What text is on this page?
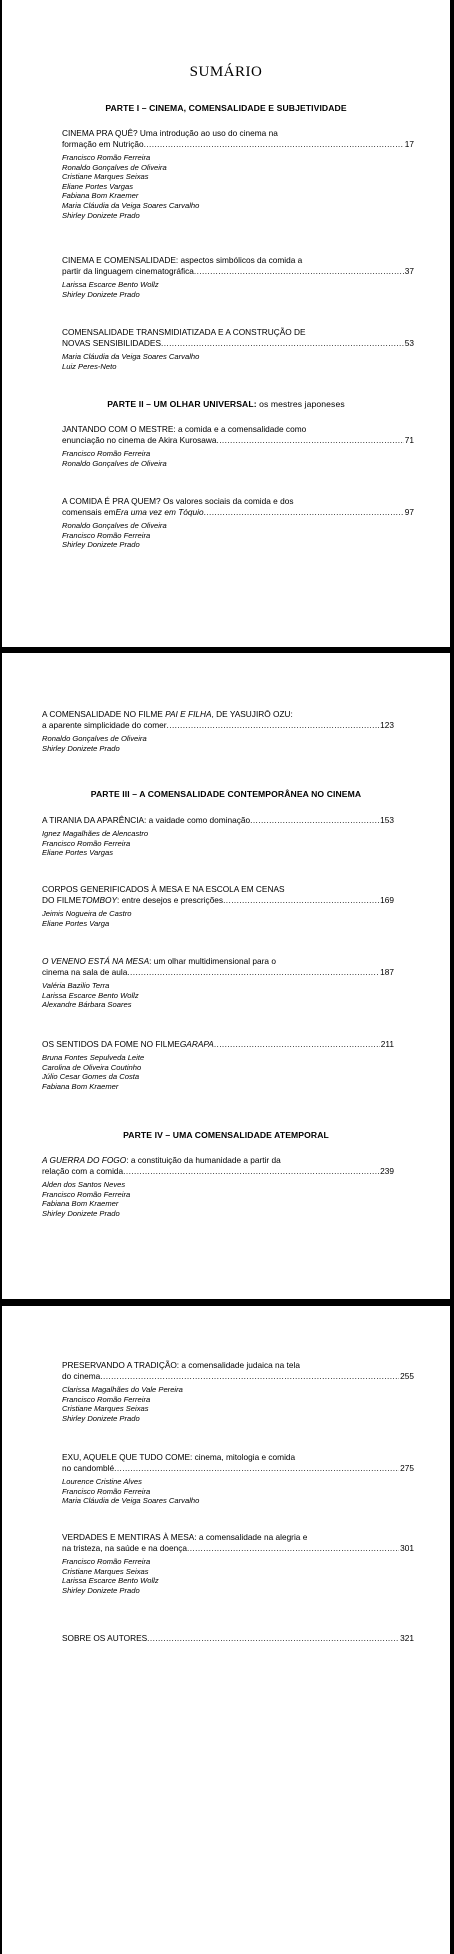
SUMÁRIO
PARTE I – CINEMA, COMENSALIDADE E SUBJETIVIDADE
CINEMA PRA QUÊ? Uma introdução ao uso do cinema na
formação em Nutrição .....	17
Francisco Romão Ferreira
Ronaldo Gonçalves de Oliveira
Cristiane Marques Seixas
Eliane Portes Vargas
Fabiana Bom Kraemer
Maria Cláudia da Veiga Soares Carvalho
Shirley Donizete Prado
CINEMA E COMENSALIDADE: aspectos simbólicos da comida a
partir da linguagem cinematográfica .....	37
Larissa Escarce Bento Wollz
Shirley Donizete Prado
COMENSALIDADE TRANSMIDIATIZADA E A CONSTRUÇÃO DE
NOVAS SENSIBILIDADES .....	53
Maria Cláudia da Veiga Soares Carvalho
Luiz Peres-Neto
PARTE II – UM OLHAR UNIVERSAL: os mestres japoneses
JANTANDO COM O MESTRE: a comida e a comensalidade como
enunciação no cinema de Akira Kurosawa .....	71
Francisco Romão Ferreira
Ronaldo Gonçalves de Oliveira
A COMIDA É PRA QUEM? Os valores sociais da comida e dos
comensais em Era uma vez em Tóquio .....	97
Ronaldo Gonçalves de Oliveira
Francisco Romão Ferreira
Shirley Donizete Prado
A COMENSALIDADE NO FILME PAI E FILHA, DE YASUJIRŌ OZU:
a aparente simplicidade do comer .....	123
Ronaldo Gonçalves de Oliveira
Shirley Donizete Prado
PARTE III – A COMENSALIDADE CONTEMPORÂNEA NO CINEMA
A TIRANIA DA APARÊNCIA: a vaidade como dominação .....	153
Ignez Magalhães de Alencastro
Francisco Romão Ferreira
Eliane Portes Vargas
CORPOS GENERIFICADOS À MESA E NA ESCOLA EM CENAS
DO FILME TOMBOY : entre desejos e prescrições .....	169
Jeimis Nogueira de Castro
Eliane Portes Varga
O VENENO ESTÁ NA MESA: um olhar multidimensional para o
cinema na sala de aula .....	187
Valéria Bazilio Terra
Larissa Escarce Bento Wollz
Alexandre Bárbara Soares
OS SENTIDOS DA FOME NO FILME GARAPA .....	211
Bruna Fontes Sepulveda Leite
Carolina de Oliveira Coutinho
Júlio Cesar Gomes da Costa
Fabiana Bom Kraemer
PARTE IV – UMA COMENSALIDADE ATEMPORAL
A GUERRA DO FOGO: a constituição da humanidade a partir da
relação com a comida .....	239
Alden dos Santos Neves
Francisco Romão Ferreira
Fabiana Bom Kraemer
Shirley Donizete Prado
PRESERVANDO A TRADIÇÃO: a comensalidade judaica na tela
do cinema .....	255
Clarissa Magalhães do Vale Pereira
Francisco Romão Ferreira
Cristiane Marques Seixas
Shirley Donizete Prado
EXU, AQUELE QUE TUDO COME: cinema, mitologia e comida
no candomblé .....	275
Lourence Cristine Alves
Francisco Romão Ferreira
Maria Cláudia de Veiga Soares Carvalho
VERDADES E MENTIRAS À MESA: a comensalidade na alegria e
na tristeza, na saúde e na doença .....	301
Francisco Romão Ferreira
Cristiane Marques Seixas
Larissa Escarce Bento Wollz
Shirley Donizete Prado
SOBRE OS AUTORES .....	321
